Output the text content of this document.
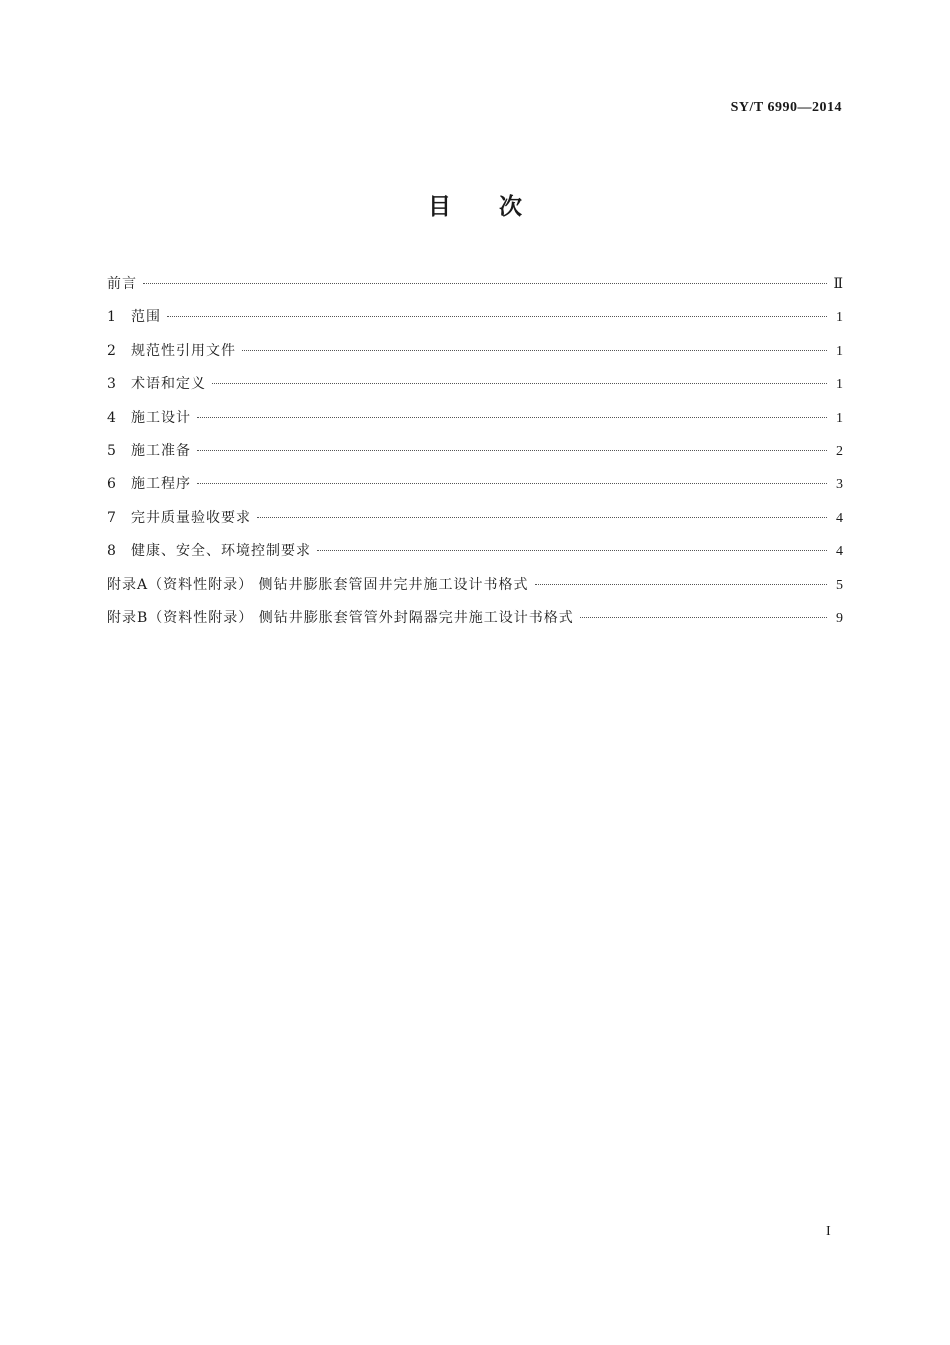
SY/T 6990—2014
目 次
前言	Ⅱ
1	范围	1
2	规范性引用文件	1
3	术语和定义	1
4	施工设计	1
5	施工准备	2
6	施工程序	3
7	完井质量验收要求	4
8	健康、安全、环境控制要求	4
附录A（资料性附录） 侧钻井膨胀套管固井完井施工设计书格式	5
附录B（资料性附录） 侧钻井膨胀套管管外封隔器完井施工设计书格式	9
I
